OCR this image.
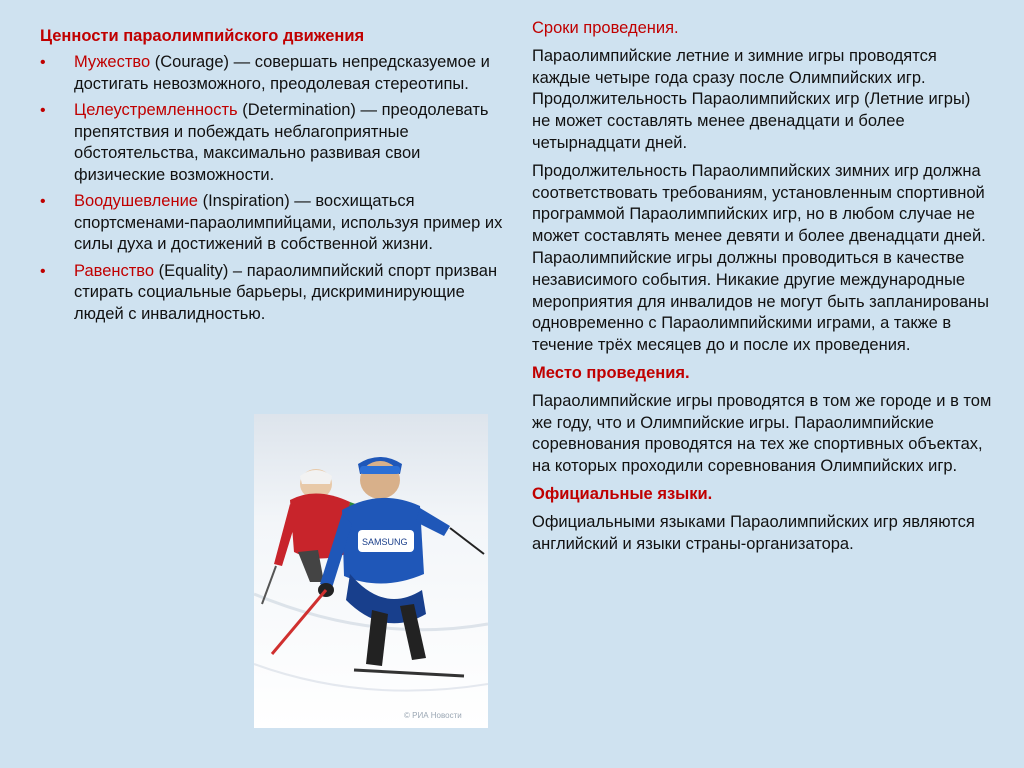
Ценности параолимпийского движения
• Мужество (Courage) — совершать непредсказуемое и достигать невозможного, преодолевая стереотипы.
• Целеустремленность (Determination) — преодолевать препятствия и побеждать неблагоприятные обстоятельства, максимально развивая свои физические возможности.
• Воодушевление (Inspiration) — восхищаться спортсменами-параолимпийцами, используя пример их силы духа и достижений в собственной жизни.
• Равенство (Equality) – параолимпийский спорт призван стирать социальные барьеры, дискриминирующие людей с инвалидностью.
SAMSUNG
© РИА Новости
Сроки проведения.

Параолимпийские летние и зимние игры проводятся каждые четыре года сразу после Олимпийских игр. Продолжительность Параолимпийских игр (Летние игры) не может составлять менее двенадцати и более четырнадцати дней.

Продолжительность Параолимпийских зимних игр должна соответствовать требованиям, установленным спортивной программой Параолимпийских игр, но в любом случае не может составлять менее девяти и более двенадцати дней. Параолимпийские игры должны проводиться в качестве независимого события. Никакие другие международные мероприятия для инвалидов не могут быть запланированы одновременно с Параолимпийскими играми, а также в течение трёх месяцев до и после их проведения.

Место проведения.

Параолимпийские игры проводятся в том же городе и в том же году, что и Олимпийские игры. Параолимпийские соревнования проводятся на тех же спортивных объектах, на которых проходили соревнования Олимпийских игр.

Официальные языки.

Официальными языками Параолимпийских игр являются английский и языки страны-организатора.
